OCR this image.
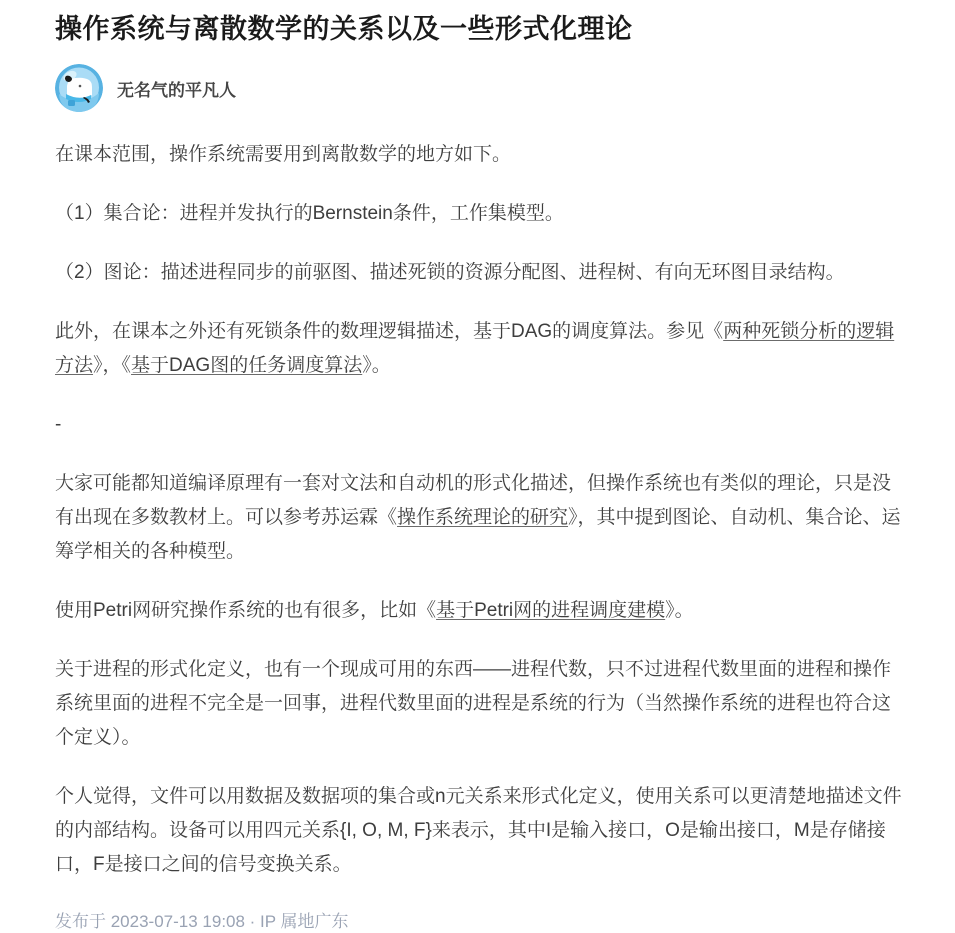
操作系统与离散数学的关系以及一些形式化理论
无名气的平凡人

在课本范围，操作系统需要用到离散数学的地方如下。

（1）集合论：进程并发执行的Bernstein条件，工作集模型。

（2）图论：描述进程同步的前驱图、描述死锁的资源分配图、进程树、有向无环图目录结构。

此外，在课本之外还有死锁条件的数理逻辑描述，基于DAG的调度算法。参见《两种死锁分析的逻辑方法》，《基于DAG图的任务调度算法》。

-

大家可能都知道编译原理有一套对文法和自动机的形式化描述，但操作系统也有类似的理论，只是没有出现在多数教材上。可以参考苏运霖《操作系统理论的研究》，其中提到图论、自动机、集合论、运筹学相关的各种模型。

使用Petri网研究操作系统的也有很多，比如《基于Petri网的进程调度建模》。

关于进程的形式化定义，也有一个现成可用的东西——进程代数，只不过进程代数里面的进程和操作系统里面的进程不完全是一回事，进程代数里面的进程是系统的行为（当然操作系统的进程也符合这个定义）。

个人觉得，文件可以用数据及数据项的集合或n元关系来形式化定义，使用关系可以更清楚地描述文件的内部结构。设备可以用四元关系{I, O, M, F}来表示，其中I是输入接口，O是输出接口，M是存储接口，F是接口之间的信号变换关系。

发布于 2023-07-13 19:08 · IP 属地广东
